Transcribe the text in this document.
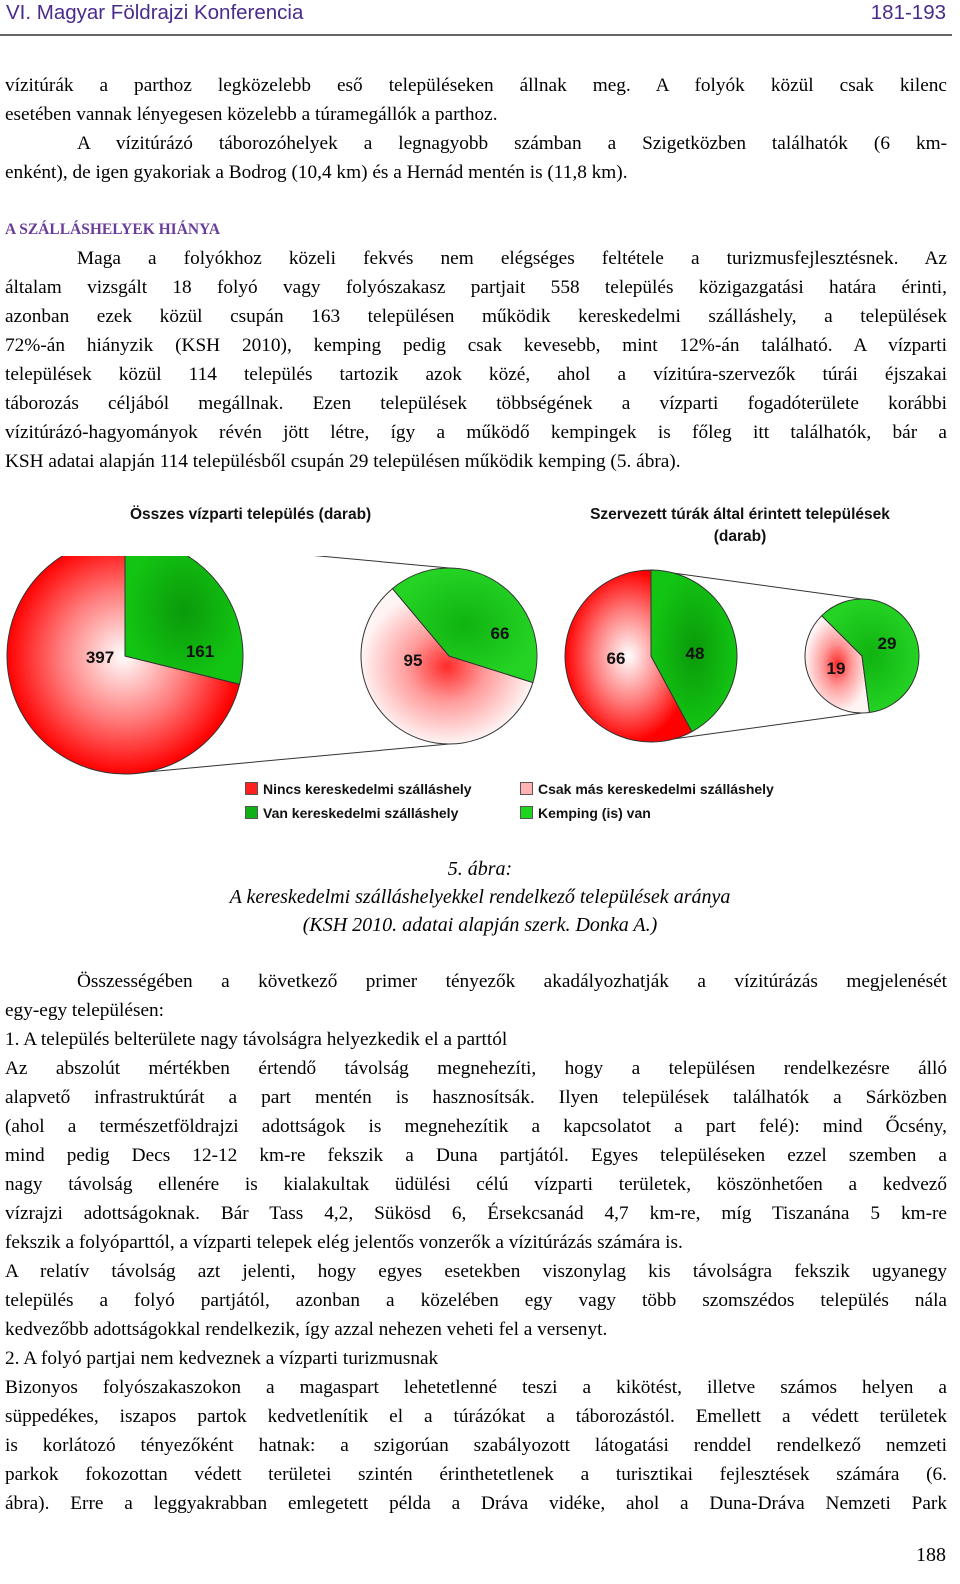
VI. Magyar Földrajzi Konferencia	181-193
vízitúrák a parthoz legközelebb eső településeken állnak meg. A folyók közül csak kilenc
esetében vannak lényegesen közelebb a túramegállók a parthoz.
A vízitúrázó táborozóhelyek a legnagyobb számban a Szigetközben találhatók (6 km-
enként), de igen gyakoriak a Bodrog (10,4 km) és a Hernád mentén is (11,8 km).
A SZÁLLÁSHELYEK HIÁNYA
Maga a folyókhoz közeli fekvés nem elégséges feltétele a turizmusfejlesztésnek. Az
általam vizsgált 18 folyó vagy folyószakasz partjait 558 település közigazgatási határa érinti,
azonban ezek közül csupán 163 településen működik kereskedelmi szálláshely, a települések
72%-án hiányzik (KSH 2010), kemping pedig csak kevesebb, mint 12%-án található. A vízparti
települések közül 114 település tartozik azok közé, ahol a vízitúra-szervezők túrái éjszakai
táborozás céljából megállnak. Ezen települések többségének a vízparti fogadóterülete korábbi
vízitúrázó-hagyományok révén jött létre, így a működő kempingek is főleg itt találhatók, bár a
KSH adatai alapján 114 településből csupán 29 településen működik kemping (5. ábra).
Összes vízparti település (darab)	Szervezett túrák által érintett települések
(darab)
397	161	95
66
66	48
19
29
Nincs kereskedelmi szálláshely
Van kereskedelmi szálláshely
Csak más kereskedelmi szálláshely
Kemping (is) van
5. ábra:
A kereskedelmi szálláshelyekkel rendelkező települések aránya
(KSH 2010. adatai alapján szerk. Donka A.)
Összességében a következő primer tényezők akadályozhatják a vízitúrázás megjelenését
egy-egy településen:
1. A település belterülete nagy távolságra helyezkedik el a parttól
Az abszolút mértékben értendő távolság megnehezíti, hogy a településen rendelkezésre álló
alapvető infrastruktúrát a part mentén is hasznosítsák. Ilyen települések találhatók a Sárközben
(ahol a természetföldrajzi adottságok is megnehezítik a kapcsolatot a part felé): mind Őcsény,
mind pedig Decs 12-12 km-re fekszik a Duna partjától. Egyes településeken ezzel szemben a
nagy távolság ellenére is kialakultak üdülési célú vízparti területek, köszönhetően a kedvező
vízrajzi adottságoknak. Bár Tass 4,2, Sükösd 6, Érsekcsanád 4,7 km-re, míg Tiszanána 5 km-re
fekszik a folyóparttól, a vízparti telepek elég jelentős vonzerők a vízitúrázás számára is.
A relatív távolság azt jelenti, hogy egyes esetekben viszonylag kis távolságra fekszik ugyanegy
település a folyó partjától, azonban a közelében egy vagy több szomszédos település nála
kedvezőbb adottságokkal rendelkezik, így azzal nehezen veheti fel a versenyt.
2. A folyó partjai nem kedveznek a vízparti turizmusnak
Bizonyos folyószakaszokon a magaspart lehetetlenné teszi a kikötést, illetve számos helyen a
süppedékes, iszapos partok kedvetlenítik el a túrázókat a táborozástól. Emellett a védett területek
is korlátozó tényezőként hatnak: a szigorúan szabályozott látogatási renddel rendelkező nemzeti
parkok fokozottan védett területei szintén érinthetetlenek a turisztikai fejlesztések számára (6.
ábra). Erre a leggyakrabban emlegetett példa a Dráva vidéke, ahol a Duna-Dráva Nemzeti Park
188
